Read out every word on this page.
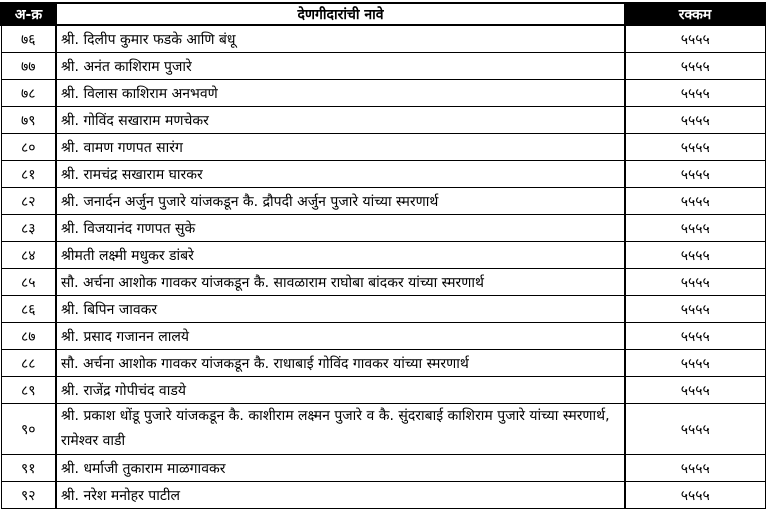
अ-क्र	देणगीदारांची नावे	रक्कम
७६	श्री. दिलीप कुमार फडके आणि बंधू	५५५५
७७	श्री. अनंत काशिराम पुजारे	५५५५
७८	श्री. विलास काशिराम अनभवणे	५५५५
७९	श्री. गोविंद सखाराम मणचेकर	५५५५
८०	श्री. वामण गणपत सारंग	५५५५
८१	श्री. रामचंद्र सखाराम घारकर	५५५५
८२	श्री. जनार्दन अर्जुन पुजारे यांजकडून कै. द्रौपदी अर्जुन पुजारे यांच्या स्मरणार्थ	५५५५
८३	श्री. विजयानंद गणपत सुके	५५५५
८४	श्रीमती लक्ष्मी मधुकर डांबरे	५५५५
८५	सौ. अर्चना आशोक गावकर यांजकडून कै. सावळाराम राघोबा बांदकर यांच्या स्मरणार्थ	५५५५
८६	श्री. बिपिन जावकर	५५५५
८७	श्री. प्रसाद गजानन लालये	५५५५
८८	सौ. अर्चना आशोक गावकर यांजकडून कै. राधाबाई गोविंद गावकर यांच्या स्मरणार्थ	५५५५
८९	श्री. राजेंद्र गोपीचंद वाडये	५५५५
९०	श्री. प्रकाश धोंडू पुजारे यांजकडून कै. काशीराम लक्ष्मन पुजारे व कै. सुंदराबाई काशिराम पुजारे यांच्या स्मरणार्थ, रामेश्वर वाडी	५५५५
९१	श्री. धर्माजी तुकाराम माळगावकर	५५५५
९२	श्री. नरेश मनोहर पाटील	५५५५
